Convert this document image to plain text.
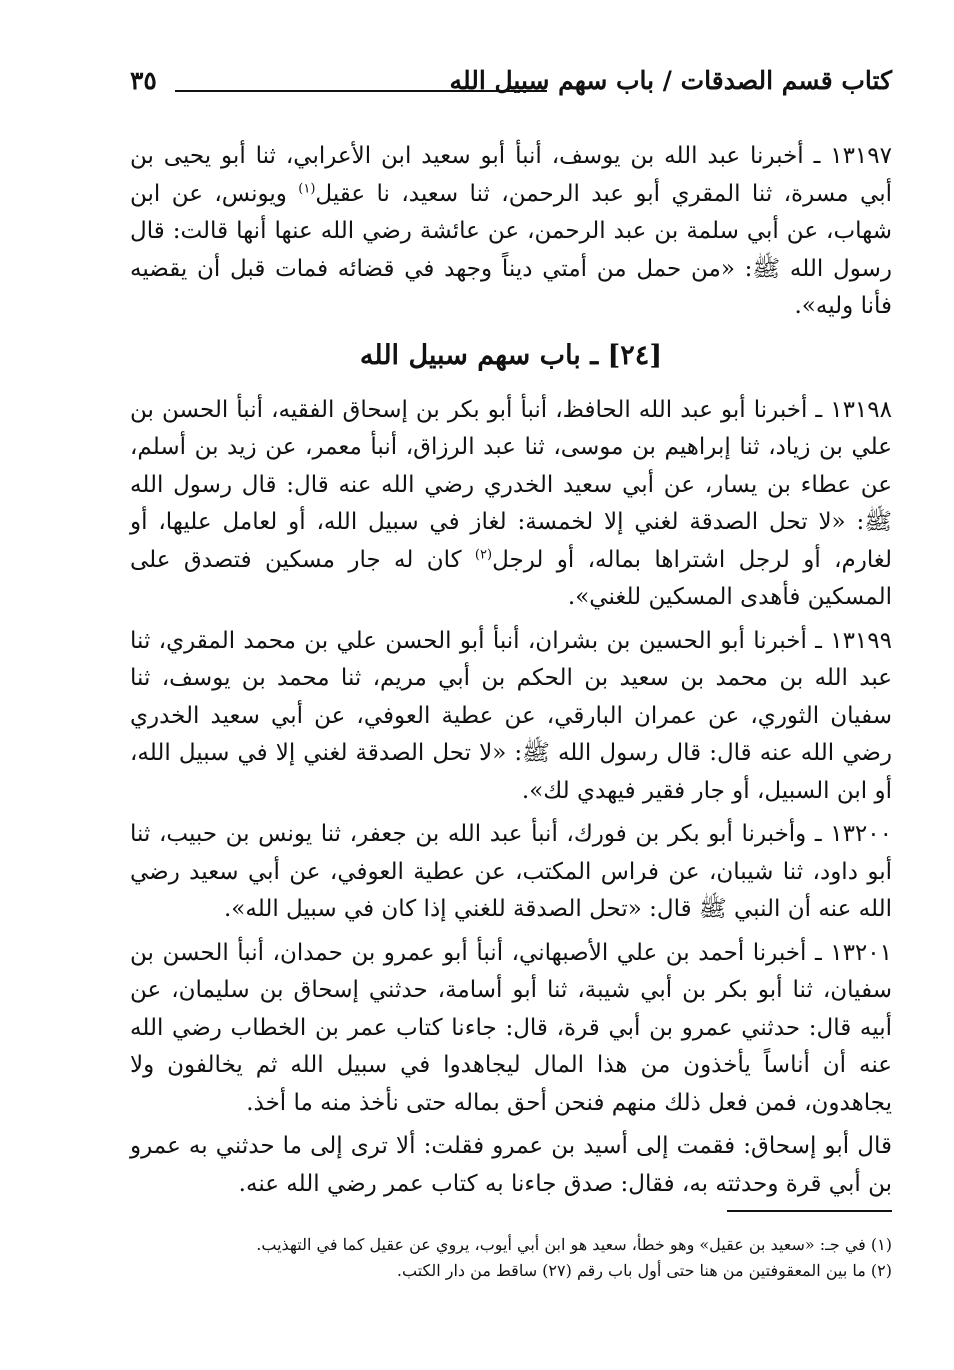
كتاب قسم الصدقات / باب سهم سبيل الله
٣٥

١٣١٩٧ ـ أخبرنا عبد الله بن يوسف، أنبأ أبو سعيد ابن الأعرابي، ثنا أبو يحيى بن أبي مسرة، ثنا المقري أبو عبد الرحمن، ثنا سعيد، نا عقيل$^{(١)}$ ويونس، عن ابن شهاب، عن أبي سلمة بن عبد الرحمن، عن عائشة رضي الله عنها أنها قالت: قال رسول الله ﷺ: «من حمل من أمتي ديناً وجهد في قضائه فمات قبل أن يقضيه فأنا وليه».

[٢٤] ـ باب سهم سبيل الله

١٣١٩٨ ـ أخبرنا أبو عبد الله الحافظ، أنبأ أبو بكر بن إسحاق الفقيه، أنبأ الحسن بن علي بن زياد، ثنا إبراهيم بن موسى، ثنا عبد الرزاق، أنبأ معمر، عن زيد بن أسلم، عن عطاء بن يسار، عن أبي سعيد الخدري رضي الله عنه قال: قال رسول الله ﷺ: «لا تحل الصدقة لغني إلا لخمسة: لغاز في سبيل الله، أو لعامل عليها، أو لغارم، أو لرجل اشتراها بماله، أو لرجل$^{(٢)}$ كان له جار مسكين فتصدق على المسكين فأهدى المسكين للغني».

١٣١٩٩ ـ أخبرنا أبو الحسين بن بشران، أنبأ أبو الحسن علي بن محمد المقري، ثنا عبد الله بن محمد بن سعيد بن الحكم بن أبي مريم، ثنا محمد بن يوسف، ثنا سفيان الثوري، عن عمران البارقي، عن عطية العوفي، عن أبي سعيد الخدري رضي الله عنه قال: قال رسول الله ﷺ: «لا تحل الصدقة لغني إلا في سبيل الله، أو ابن السبيل، أو جار فقير فيهدي لك».

١٣٢٠٠ ـ وأخبرنا أبو بكر بن فورك، أنبأ عبد الله بن جعفر، ثنا يونس بن حبيب، ثنا أبو داود، ثنا شيبان، عن فراس المكتب، عن عطية العوفي، عن أبي سعيد رضي الله عنه أن النبي ﷺ قال: «تحل الصدقة للغني إذا كان في سبيل الله».

١٣٢٠١ ـ أخبرنا أحمد بن علي الأصبهاني، أنبأ أبو عمرو بن حمدان، أنبأ الحسن بن سفيان، ثنا أبو بكر بن أبي شيبة، ثنا أبو أسامة، حدثني إسحاق بن سليمان، عن أبيه قال: حدثني عمرو بن أبي قرة، قال: جاءنا كتاب عمر بن الخطاب رضي الله عنه أن أناساً يأخذون من هذا المال ليجاهدوا في سبيل الله ثم يخالفون ولا يجاهدون، فمن فعل ذلك منهم فنحن أحق بماله حتى نأخذ منه ما أخذ.

قال أبو إسحاق: فقمت إلى أسيد بن عمرو فقلت: ألا ترى إلى ما حدثني به عمرو بن أبي قرة وحدثته به، فقال: صدق جاءنا به كتاب عمر رضي الله عنه.

(١) في جـ: «سعيد بن عقيل» وهو خطأ، سعيد هو ابن أبي أيوب، يروي عن عقيل كما في التهذيب.
(٢) ما بين المعقوفتين من هنا حتى أول باب رقم (٢٧) ساقط من دار الكتب.
